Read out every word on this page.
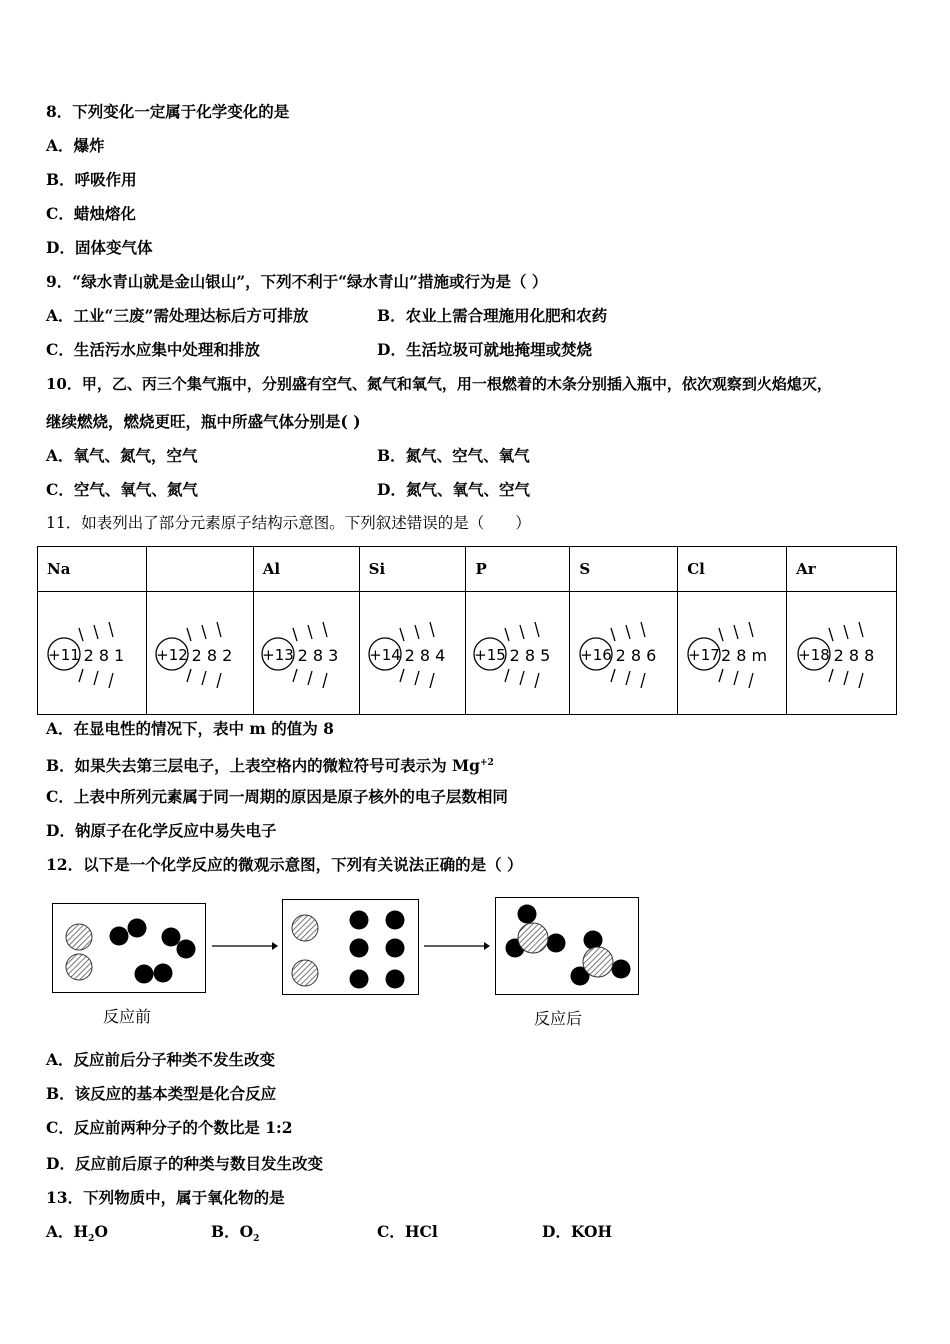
8．下列变化一定属于化学变化的是
A．爆炸
B．呼吸作用
C．蜡烛熔化
D．固体变气体
9．“绿水青山就是金山银山”，下列不利于“绿水青山”措施或行为是（ ）
A．工业“三废”需处理达标后方可排放	B．农业上需合理施用化肥和农药
C．生活污水应集中处理和排放	D．生活垃圾可就地掩埋或焚烧
10．甲，乙、丙三个集气瓶中，分别盛有空气、氮气和氧气，用一根燃着的木条分别插入瓶中，依次观察到火焰熄灭，
继续燃烧，燃烧更旺，瓶中所盛气体分别是( )
A．氧气、氮气，空气	B．氮气、空气、氧气
C．空气、氧气、氮气	D．氮气、氧气、空气
11．如表列出了部分元素原子结构示意图。下列叙述错误的是（　　）
Na		Al	Si	P	S	Cl	Ar

+11 2 8 1	+12 2 8 2	+13 2 8 3	+14 2 8 4	+15 2 8 5	+16 2 8 6	+17 2 8 m	+18 2 8 8
A．在显电性的情况下，表中 m 的值为 8
B．如果失去第三层电子，上表空格内的微粒符号可表示为 $Mg^{+2}$
C．上表中所列元素属于同一周期的原因是原子核外的电子层数相同
D．钠原子在化学反应中易失电子
12．以下是一个化学反应的微观示意图，下列有关说法正确的是（ ）
反应前	反应后
A．反应前后分子种类不发生改变
B．该反应的基本类型是化合反应
C．反应前两种分子的个数比是 1:2
D．反应前后原子的种类与数目发生改变
13．下列物质中，属于氧化物的是
A．$H_2O$	B．$O_2$	C．HCl	D．KOH
